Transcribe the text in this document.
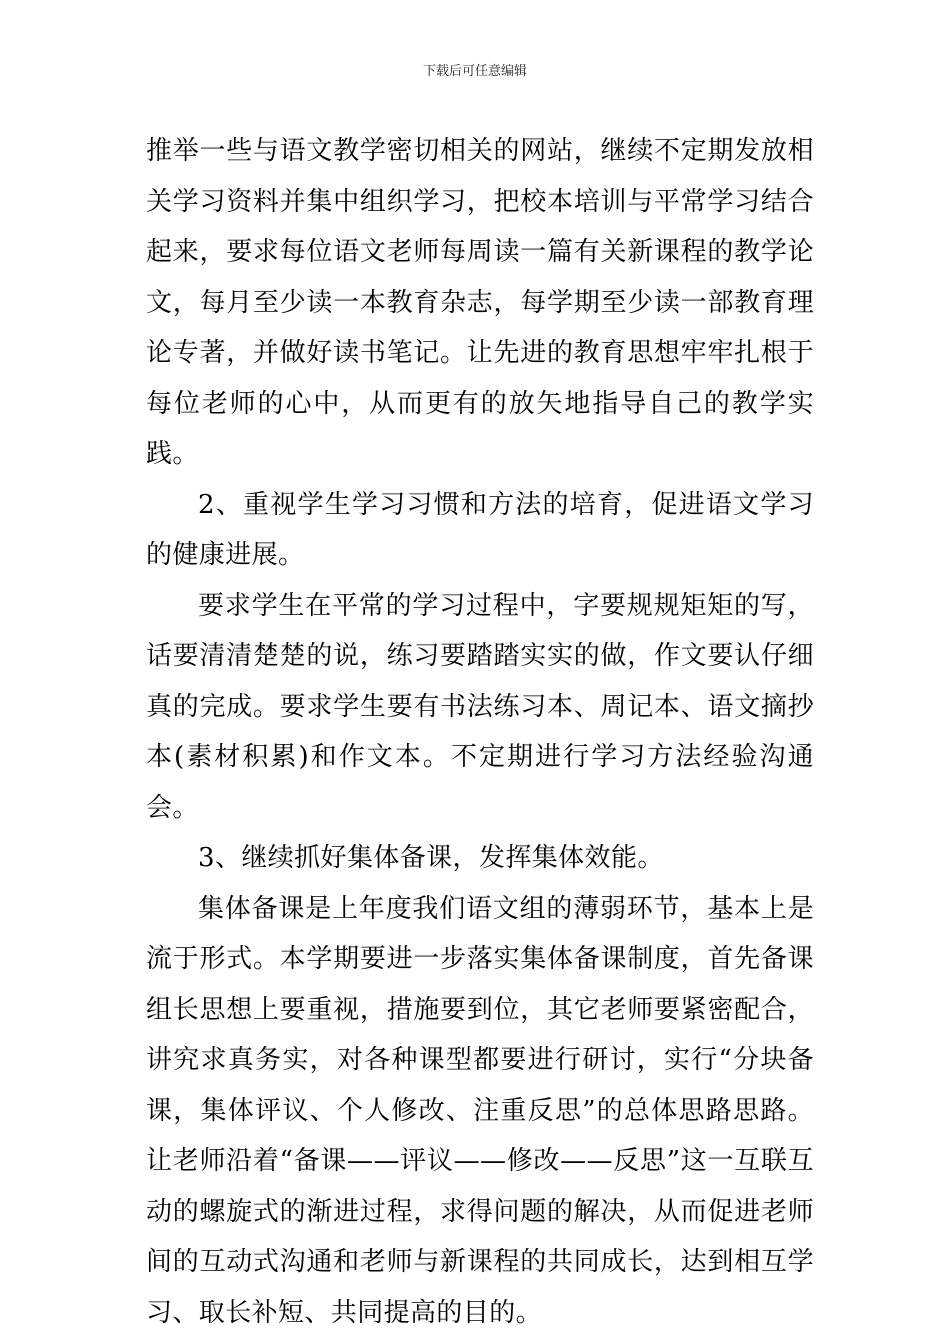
下载后可任意编辑

推举一些与语文教学密切相关的网站，继续不定期发放相关学习资料并集中组织学习，把校本培训与平常学习结合起来，要求每位语文老师每周读一篇有关新课程的教学论文，每月至少读一本教育杂志，每学期至少读一部教育理论专著，并做好读书笔记。让先进的教育思想牢牢扎根于每位老师的心中，从而更有的放矢地指导自己的教学实践。

2、重视学生学习习惯和方法的培育，促进语文学习的健康进展。

要求学生在平常的学习过程中，字要规规矩矩的写，话要清清楚楚的说，练习要踏踏实实的做，作文要认仔细真的完成。要求学生要有书法练习本、周记本、语文摘抄本(素材积累)和作文本。不定期进行学习方法经验沟通会。

3、继续抓好集体备课，发挥集体效能。

集体备课是上年度我们语文组的薄弱环节，基本上是流于形式。本学期要进一步落实集体备课制度，首先备课组长思想上要重视，措施要到位，其它老师要紧密配合，讲究求真务实，对各种课型都要进行研讨，实行“分块备课，集体评议、个人修改、注重反思”的总体思路思路。让老师沿着“备课——评议——修改——反思”这一互联互动的螺旋式的渐进过程，求得问题的解决，从而促进老师间的互动式沟通和老师与新课程的共同成长，达到相互学习、取长补短、共同提高的目的。
